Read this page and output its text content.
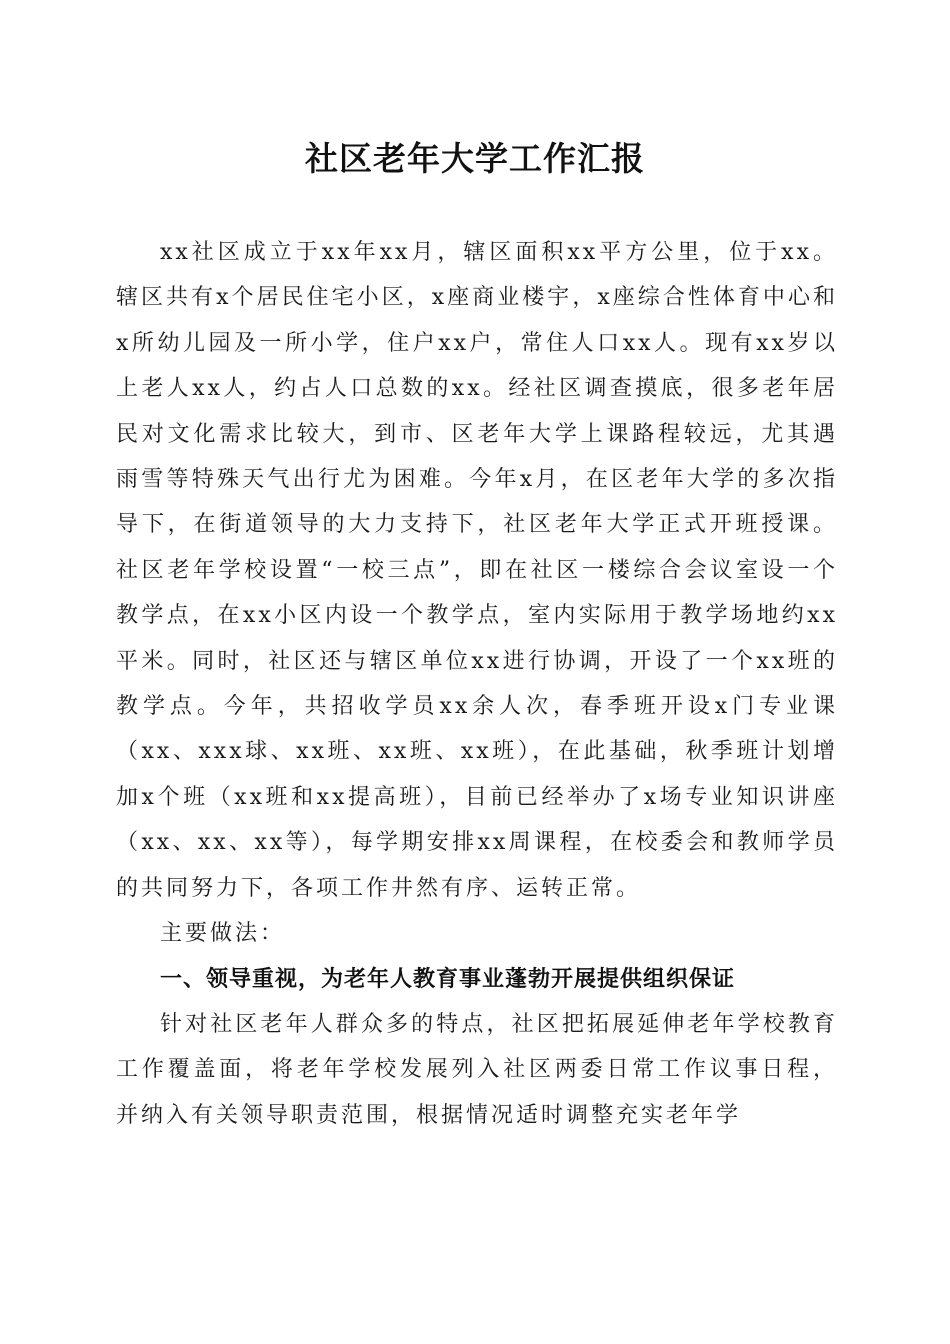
社区老年大学工作汇报

xx社区成立于xx年xx月，辖区面积xx平方公里，位于xx。辖区共有x个居民住宅小区，x座商业楼宇，x座综合性体育中心和x所幼儿园及一所小学，住户xx户，常住人口xx人。现有xx岁以上老人xx人，约占人口总数的xx。经社区调查摸底，很多老年居民对文化需求比较大，到市、区老年大学上课路程较远，尤其遇雨雪等特殊天气出行尤为困难。今年x月，在区老年大学的多次指导下，在街道领导的大力支持下，社区老年大学正式开班授课。社区老年学校设置“一校三点”，即在社区一楼综合会议室设一个教学点，在xx小区内设一个教学点，室内实际用于教学场地约xx平米。同时，社区还与辖区单位xx进行协调，开设了一个xx班的教学点。今年，共招收学员xx余人次，春季班开设x门专业课（xx、xxx球、xx班、xx班、xx班），在此基础，秋季班计划增加x个班（xx班和xx提高班），目前已经举办了x场专业知识讲座（xx、xx、xx等），每学期安排xx周课程，在校委会和教师学员的共同努力下，各项工作井然有序、运转正常。

主要做法：

一、领导重视，为老年人教育事业蓬勃开展提供组织保证

针对社区老年人群众多的特点，社区把拓展延伸老年学校教育工作覆盖面，将老年学校发展列入社区两委日常工作议事日程，并纳入有关领导职责范围，根据情况适时调整充实老年学
